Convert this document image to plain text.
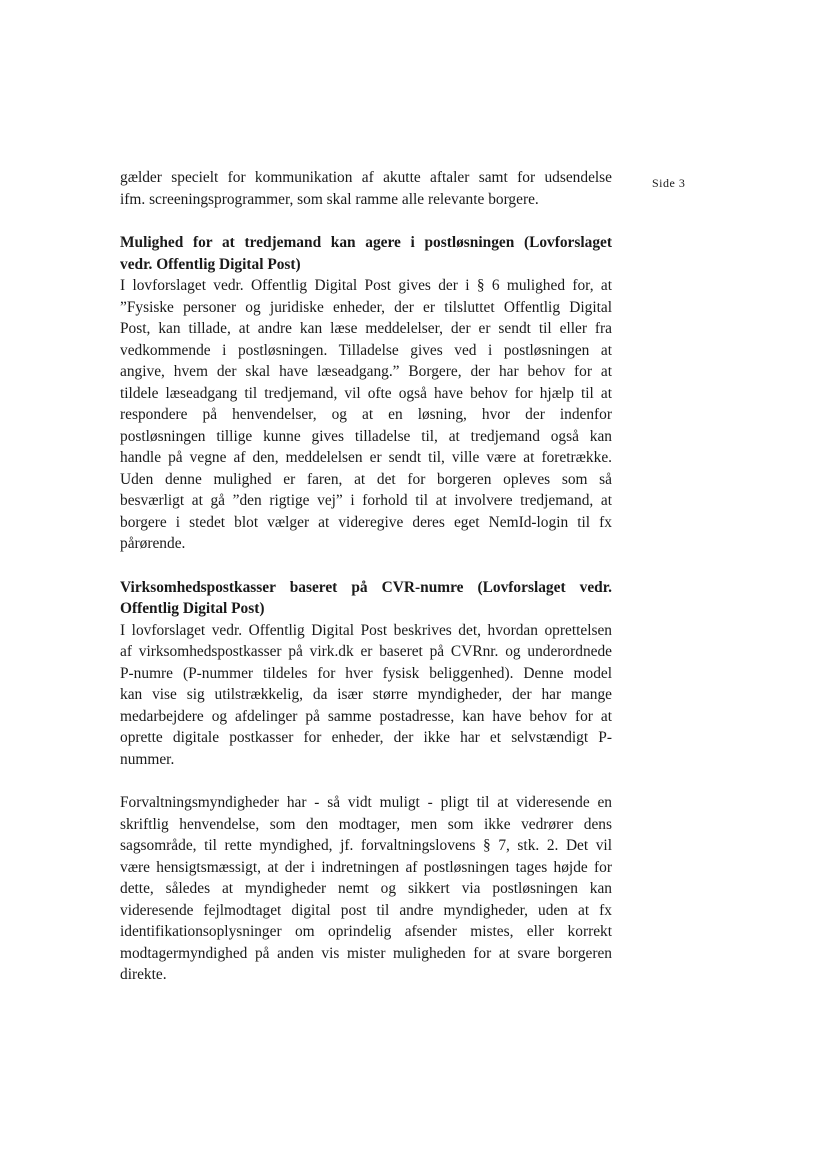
Side 3

gælder specielt for kommunikation af akutte aftaler samt for udsendelse
ifm. screeningsprogrammer, som skal ramme alle relevante borgere.

Mulighed for at tredjemand kan agere i postløsningen (Lovforslaget
vedr. Offentlig Digital Post)

I lovforslaget vedr. Offentlig Digital Post gives der i § 6 mulighed for, at
”Fysiske personer og juridiske enheder, der er tilsluttet Offentlig Digital
Post, kan tillade, at andre kan læse meddelelser, der er sendt til eller fra
vedkommende i postløsningen. Tilladelse gives ved i postløsningen at
angive, hvem der skal have læseadgang.” Borgere, der har behov for at
tildele læseadgang til tredjemand, vil ofte også have behov for hjælp til at
respondere på henvendelser, og at en løsning, hvor der indenfor
postløsningen tillige kunne gives tilladelse til, at tredjemand også kan
handle på vegne af den, meddelelsen er sendt til, ville være at foretrække.
Uden denne mulighed er faren, at det for borgeren opleves som så
besværligt at gå ”den rigtige vej” i forhold til at involvere tredjemand, at
borgere i stedet blot vælger at videregive deres eget NemId-login til fx
pårørende.

Virksomhedspostkasser baseret på CVR-numre (Lovforslaget vedr.
Offentlig Digital Post)

I lovforslaget vedr. Offentlig Digital Post beskrives det, hvordan oprettelsen
af virksomhedspostkasser på virk.dk er baseret på CVRnr. og underordnede
P-numre (P-nummer tildeles for hver fysisk beliggenhed). Denne model
kan vise sig utilstrækkelig, da især større myndigheder, der har mange
medarbejdere og afdelinger på samme postadresse, kan have behov for at
oprette digitale postkasser for enheder, der ikke har et selvstændigt P-
nummer.

Forvaltningsmyndigheder har - så vidt muligt - pligt til at videresende en
skriftlig henvendelse, som den modtager, men som ikke vedrører dens
sagsområde, til rette myndighed, jf. forvaltningslovens § 7, stk. 2. Det vil
være hensigtsmæssigt, at der i indretningen af postløsningen tages højde for
dette, således at myndigheder nemt og sikkert via postløsningen kan
videresende fejlmodtaget digital post til andre myndigheder, uden at fx
identifikationsoplysninger om oprindelig afsender mistes, eller korrekt
modtagermyndighed på anden vis mister muligheden for at svare borgeren
direkte.
